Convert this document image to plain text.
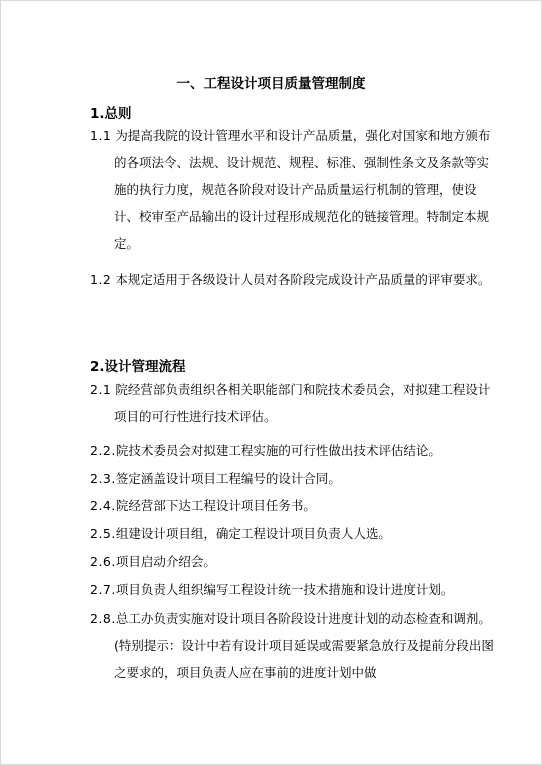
一、工程设计项目质量管理制度
1.总则
1.1 为提高我院的设计管理水平和设计产品质量，强化对国家和地方颁布的各项法令、法规、设计规范、规程、标准、强制性条文及条款等实施的执行力度，规范各阶段对设计产品质量运行机制的管理，使设计、校审至产品输出的设计过程形成规范化的链接管理。特制定本规定。
1.2 本规定适用于各级设计人员对各阶段完成设计产品质量的评审要求。
2.设计管理流程
2.1 院经营部负责组织各相关职能部门和院技术委员会，对拟建工程设计项目的可行性进行技术评估。
2.2.院技术委员会对拟建工程实施的可行性做出技术评估结论。
2.3.签定涵盖设计项目工程编号的设计合同。
2.4.院经营部下达工程设计项目任务书。
2.5.组建设计项目组，确定工程设计项目负责人人选。
2.6.项目启动介绍会。
2.7.项目负责人组织编写工程设计统一技术措施和设计进度计划。
2.8.总工办负责实施对设计项目各阶段设计进度计划的动态检查和调剂。(特别提示：设计中若有设计项目延误或需要紧急放行及提前分段出图之要求的，项目负责人应在事前的进度计划中做
